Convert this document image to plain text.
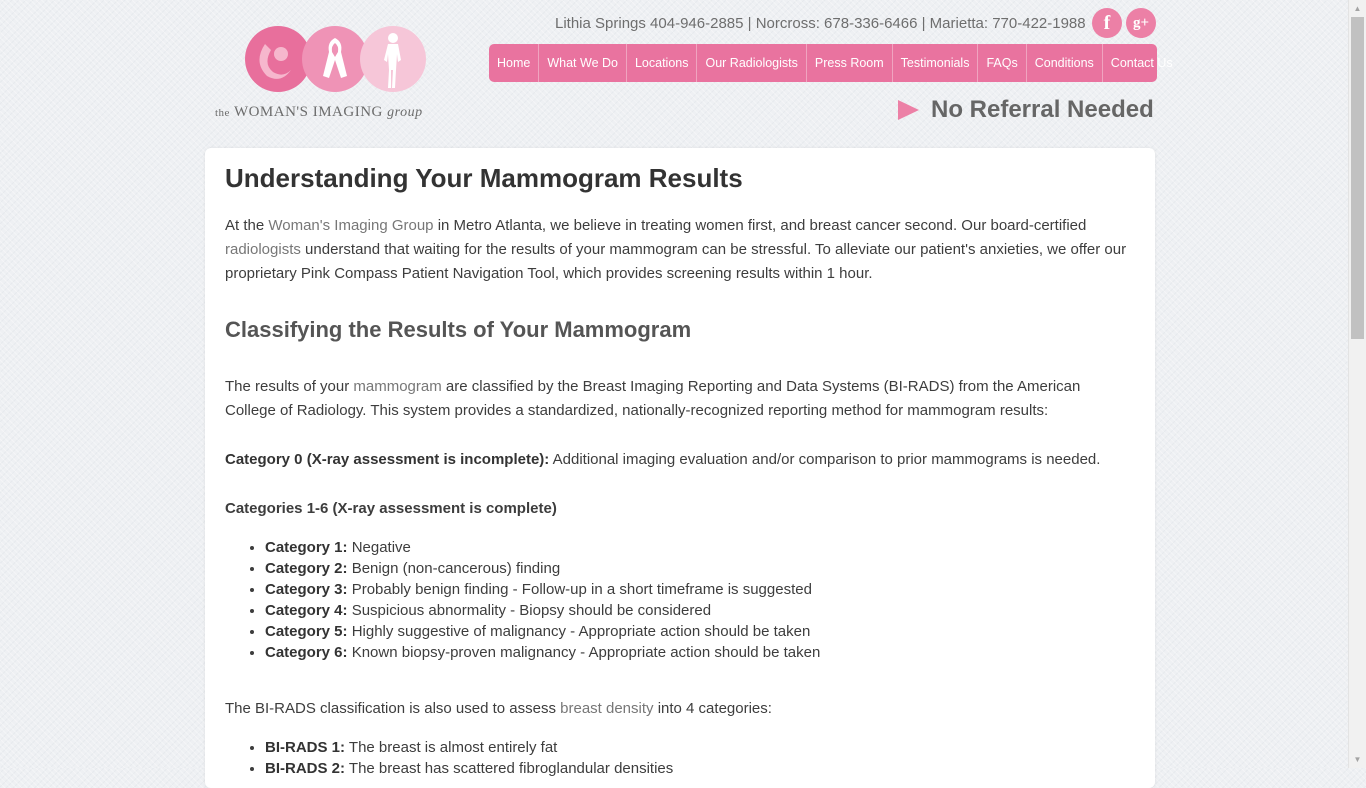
the WOMAN'S IMAGING group
Lithia Springs 404-946-2885 | Norcross: 678-336-6466 | Marietta: 770-422-1988 f	g+
Home	What We Do	Locations	Our Radiologists	Press Room	Testimonials	FAQs	Conditions	Contact Us
No Referral Needed
Understanding Your Mammogram Results
At the Woman's Imaging Group in Metro Atlanta, we believe in treating women first, and breast cancer second. Our board-certified radiologists understand that waiting for the results of your mammogram can be stressful. To alleviate our patient's anxieties, we offer our proprietary Pink Compass Patient Navigation Tool, which provides screening results within 1 hour.
Classifying the Results of Your Mammogram
The results of your mammogram are classified by the Breast Imaging Reporting and Data Systems (BI-RADS) from the American College of Radiology. This system provides a standardized, nationally-recognized reporting method for mammogram results:
Category 0 (X-ray assessment is incomplete): Additional imaging evaluation and/or comparison to prior mammograms is needed.
Categories 1-6 (X-ray assessment is complete)
• Category 1: Negative
• Category 2: Benign (non-cancerous) finding
• Category 3: Probably benign finding - Follow-up in a short timeframe is suggested
• Category 4: Suspicious abnormality - Biopsy should be considered
• Category 5: Highly suggestive of malignancy - Appropriate action should be taken
• Category 6: Known biopsy-proven malignancy - Appropriate action should be taken
The BI-RADS classification is also used to assess breast density into 4 categories:
• BI-RADS 1: The breast is almost entirely fat
• BI-RADS 2: The breast has scattered fibroglandular densities
▲
▼
